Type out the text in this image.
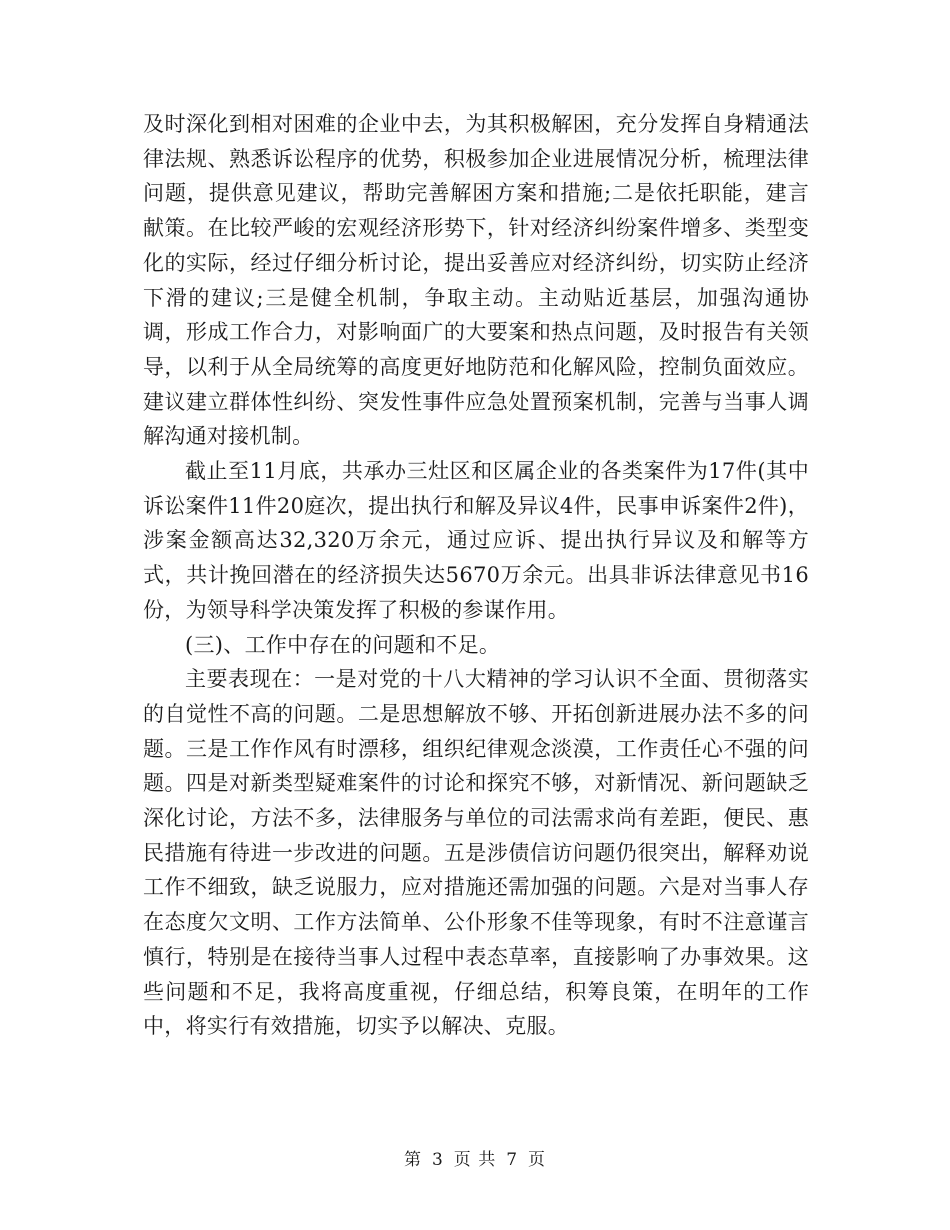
及时深化到相对困难的企业中去，为其积极解困，充分发挥自身精通法律法规、熟悉诉讼程序的优势，积极参加企业进展情况分析，梳理法律问题，提供意见建议，帮助完善解困方案和措施;二是依托职能，建言献策。在比较严峻的宏观经济形势下，针对经济纠纷案件增多、类型变化的实际，经过仔细分析讨论，提出妥善应对经济纠纷，切实防止经济下滑的建议;三是健全机制，争取主动。主动贴近基层，加强沟通协调，形成工作合力，对影响面广的大要案和热点问题，及时报告有关领导，以利于从全局统筹的高度更好地防范和化解风险，控制负面效应。建议建立群体性纠纷、突发性事件应急处置预案机制，完善与当事人调解沟通对接机制。

截止至11月底，共承办三灶区和区属企业的各类案件为17件(其中诉讼案件11件20庭次，提出执行和解及异议4件，民事申诉案件2件)，涉案金额高达32,320万余元，通过应诉、提出执行异议及和解等方式，共计挽回潜在的经济损失达5670万余元。出具非诉法律意见书16份，为领导科学决策发挥了积极的参谋作用。

(三)、工作中存在的问题和不足。

主要表现在：一是对党的十八大精神的学习认识不全面、贯彻落实的自觉性不高的问题。二是思想解放不够、开拓创新进展办法不多的问题。三是工作作风有时漂移，组织纪律观念淡漠，工作责任心不强的问题。四是对新类型疑难案件的讨论和探究不够，对新情况、新问题缺乏深化讨论，方法不多，法律服务与单位的司法需求尚有差距，便民、惠民措施有待进一步改进的问题。五是涉债信访问题仍很突出，解释劝说工作不细致，缺乏说服力，应对措施还需加强的问题。六是对当事人存在态度欠文明、工作方法简单、公仆形象不佳等现象，有时不注意谨言慎行，特别是在接待当事人过程中表态草率，直接影响了办事效果。这些问题和不足，我将高度重视，仔细总结，积筹良策，在明年的工作中，将实行有效措施，切实予以解决、克服。

第 3 页 共 7 页
